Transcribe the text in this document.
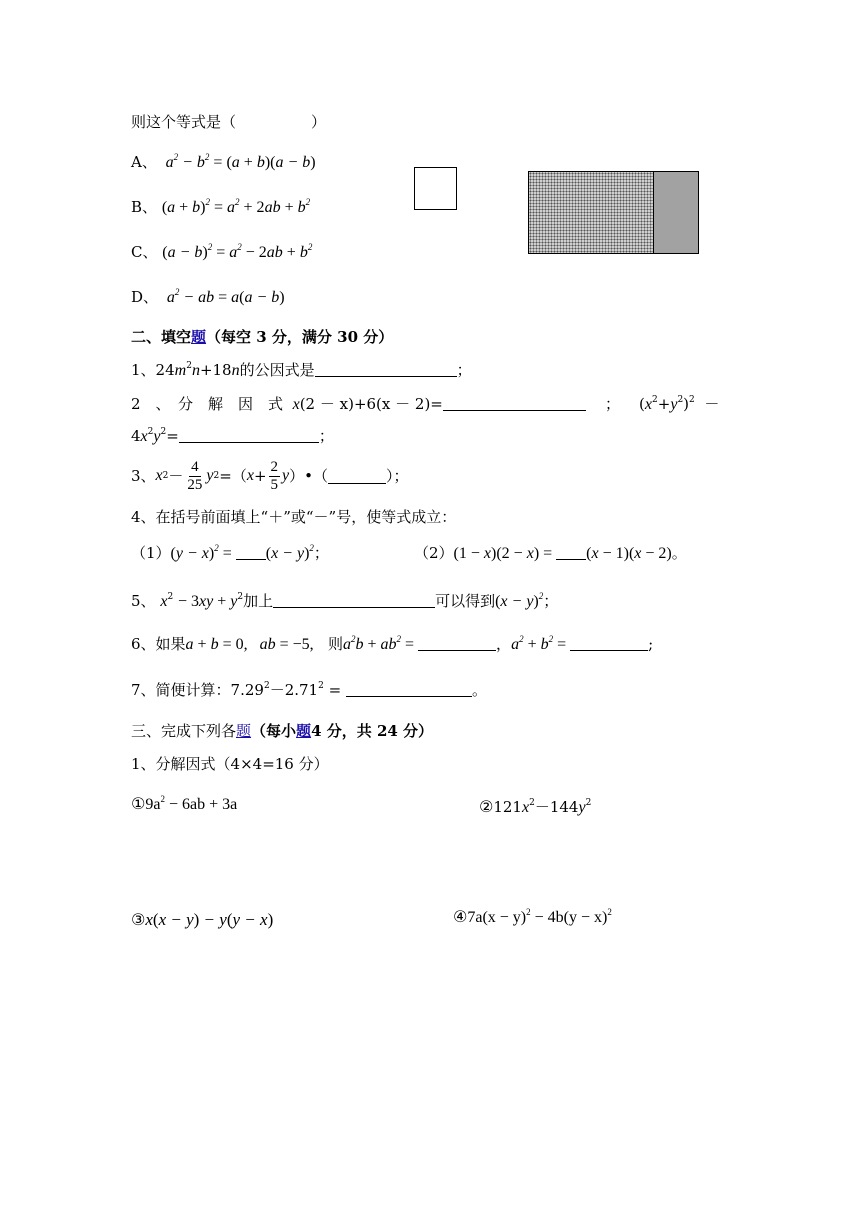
则这个等式是（　　　　　）
A、  $a^2 - b^2 = (a + b)(a - b)$
B、 $(a + b)^2 = a^2 + 2ab + b^2$
C、 $(a - b)^2 = a^2 - 2ab + b^2$
D、  $a^2$ − ab = a(a − b)
二、填空题（每空 3 分，满分 30 分）
1、$24m^2n+18n$的公因式是	；
2　、　分　解　因　式 x(2 － x)+6(x － 2)=	；    $(x^2+y^2)^2$ －
$4x^2y^2=$	；
3、 x $2 - \frac{4}{25}$ y 2 =（ $x + \frac{2}{5}$ y ） •（	）；
4、在括号前面填上“＋”或“－”号，使等式成立：
$(1)(y - x)^2 = (x - y)^2$；	（2）(1 − x)(2 − x) = (x − 1)(x − 2)。
5、 $x^2 - 3xy + y^2$加上	可以得到$(x - y)^2$；
6、如果a + b = 0,   ab = −5, 则$a^2b + ab^2$ =	，$a^2 + b^2$ =	;
7、简便计算：$7.29^2-2.71^2$ =	。
三、完成下列各题（每小题4 分，共 24 分）
1、分解因式（4×4=16 分）
$①9a^2 - 6ab + 3a$	$②121x^2-144y^2$
③x(x − y) − y(y − x)	④7a(x − $y)^2 - 4b(y - x)^2$
